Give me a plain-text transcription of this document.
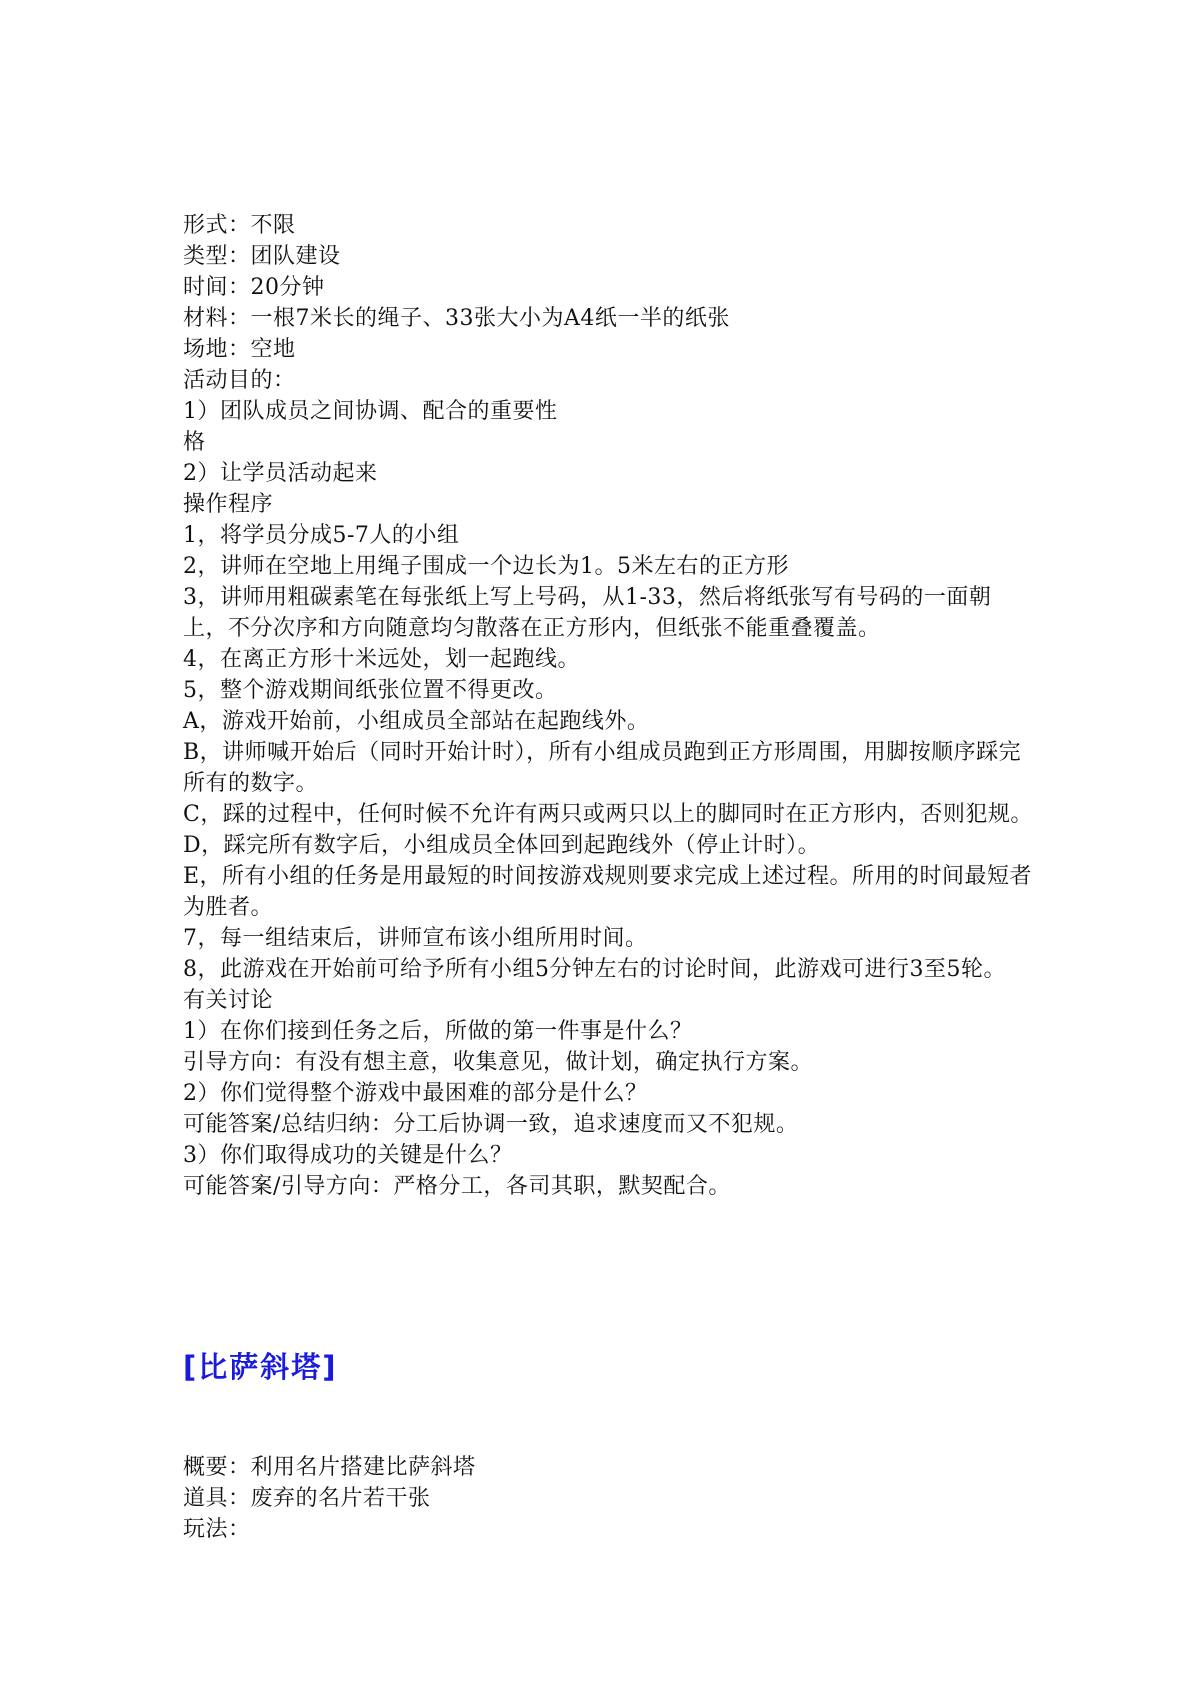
形式：不限

类型：团队建设

时间：20分钟

材料：一根7米长的绳子、33张大小为A4纸一半的纸张

场地：空地

活动目的：

1）团队成员之间协调、配合的重要性

格

2）让学员活动起来

操作程序

1，将学员分成5-7人的小组

2，讲师在空地上用绳子围成一个边长为1。5米左右的正方形

3，讲师用粗碳素笔在每张纸上写上号码，从1-33，然后将纸张写有号码的一面朝上，不分次序和方向随意均匀散落在正方形内，但纸张不能重叠覆盖。

4，在离正方形十米远处，划一起跑线。

5，整个游戏期间纸张位置不得更改。

A，游戏开始前，小组成员全部站在起跑线外。

B，讲师喊开始后（同时开始计时），所有小组成员跑到正方形周围，用脚按顺序踩完所有的数字。

C，踩的过程中，任何时候不允许有两只或两只以上的脚同时在正方形内，否则犯规。

D，踩完所有数字后，小组成员全体回到起跑线外（停止计时）。

E，所有小组的任务是用最短的时间按游戏规则要求完成上述过程。所用的时间最短者为胜者。

7，每一组结束后，讲师宣布该小组所用时间。

8，此游戏在开始前可给予所有小组5分钟左右的讨论时间，此游戏可进行3至5轮。

有关讨论

1）在你们接到任务之后，所做的第一件事是什么？

引导方向：有没有想主意，收集意见，做计划，确定执行方案。

2）你们觉得整个游戏中最困难的部分是什么？

可能答案/总结归纳：分工后协调一致，追求速度而又不犯规。

3）你们取得成功的关键是什么？

可能答案/引导方向：严格分工，各司其职，默契配合。

[比萨斜塔]

概要：利用名片搭建比萨斜塔

道具：废弃的名片若干张

玩法：
